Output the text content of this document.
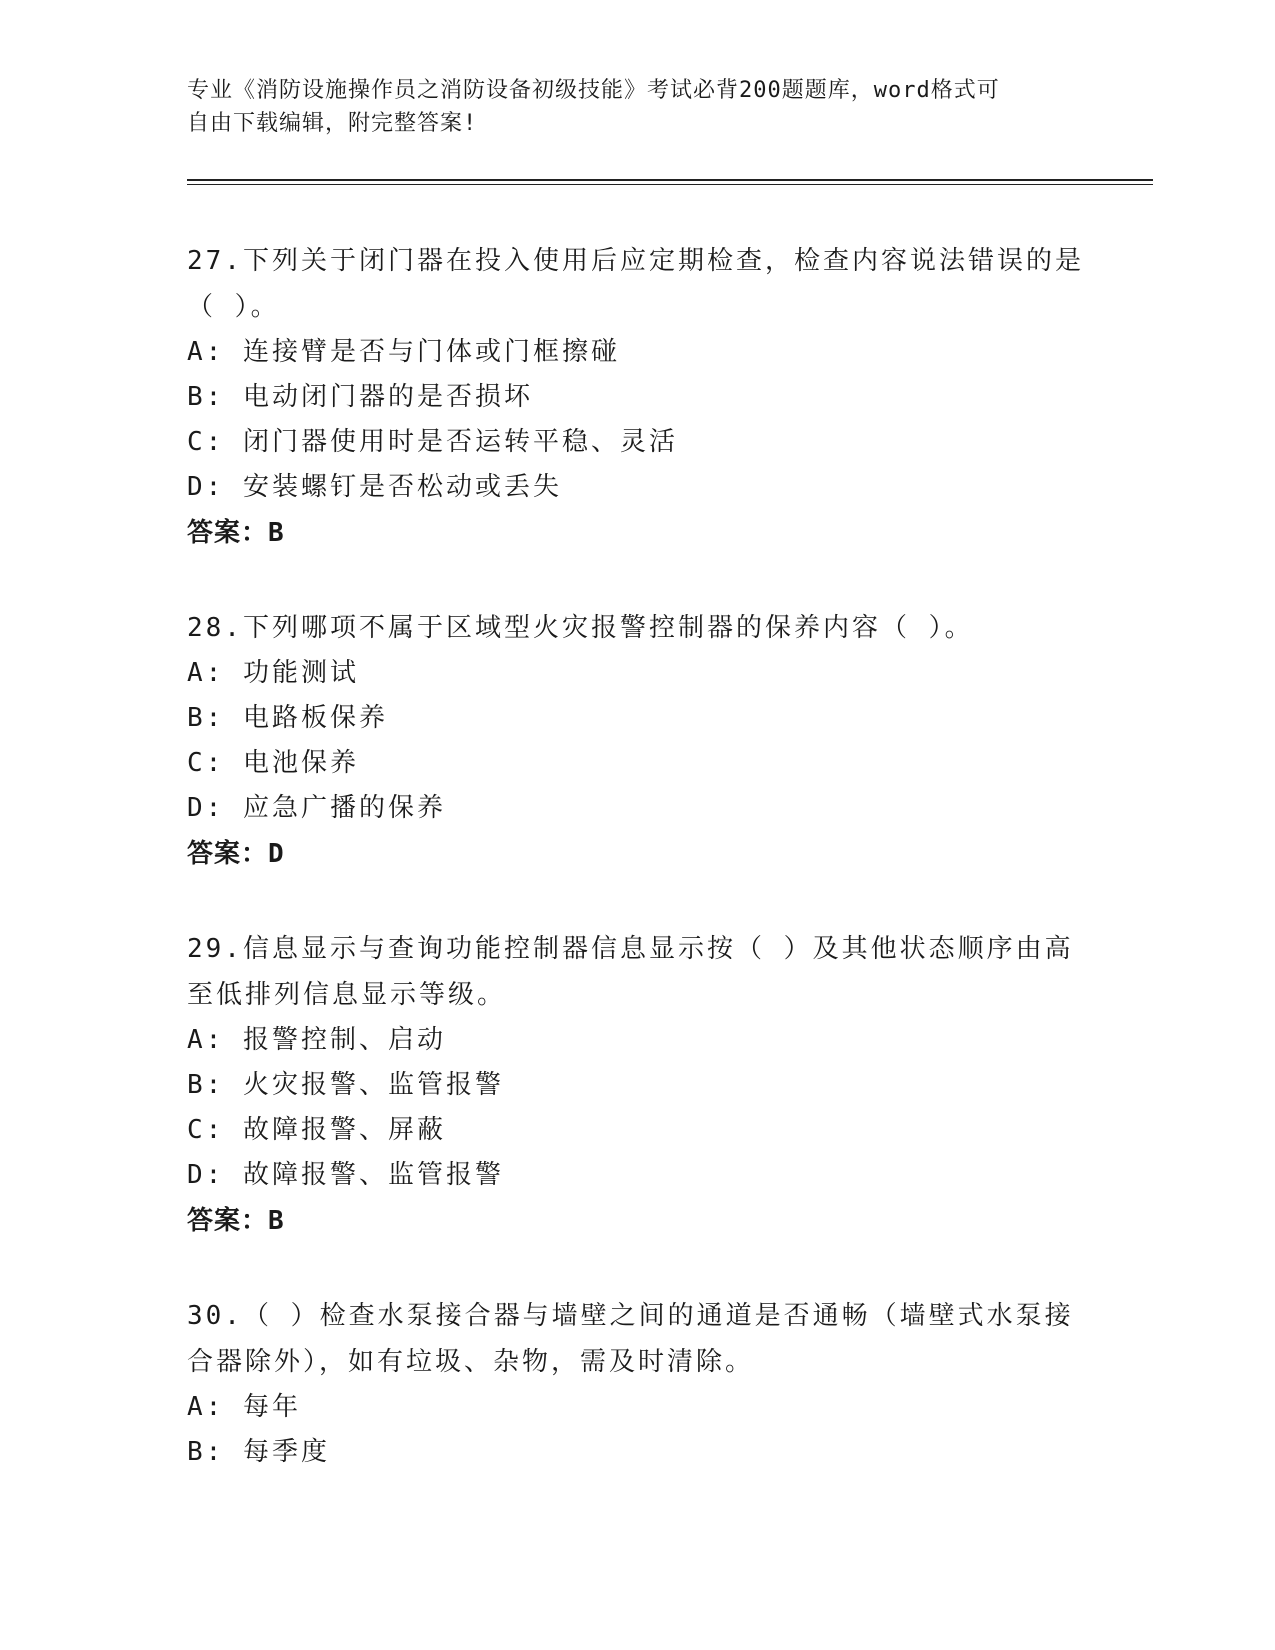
专业《消防设施操作员之消防设备初级技能》考试必背200题题库，word格式可
自由下载编辑，附完整答案!
27.下列关于闭门器在投入使用后应定期检查，检查内容说法错误的是
（ ）。
A: 连接臂是否与门体或门框擦碰
B: 电动闭门器的是否损坏
C: 闭门器使用时是否运转平稳、灵活
D: 安装螺钉是否松动或丢失
答案：B
28.下列哪项不属于区域型火灾报警控制器的保养内容（ ）。
A: 功能测试
B: 电路板保养
C: 电池保养
D: 应急广播的保养
答案：D
29.信息显示与查询功能控制器信息显示按（ ）及其他状态顺序由高
至低排列信息显示等级。
A: 报警控制、启动
B: 火灾报警、监管报警
C: 故障报警、屏蔽
D: 故障报警、监管报警
答案：B
30.（ ）检查水泵接合器与墙壁之间的通道是否通畅（墙壁式水泵接
合器除外），如有垃圾、杂物，需及时清除。
A: 每年
B: 每季度
